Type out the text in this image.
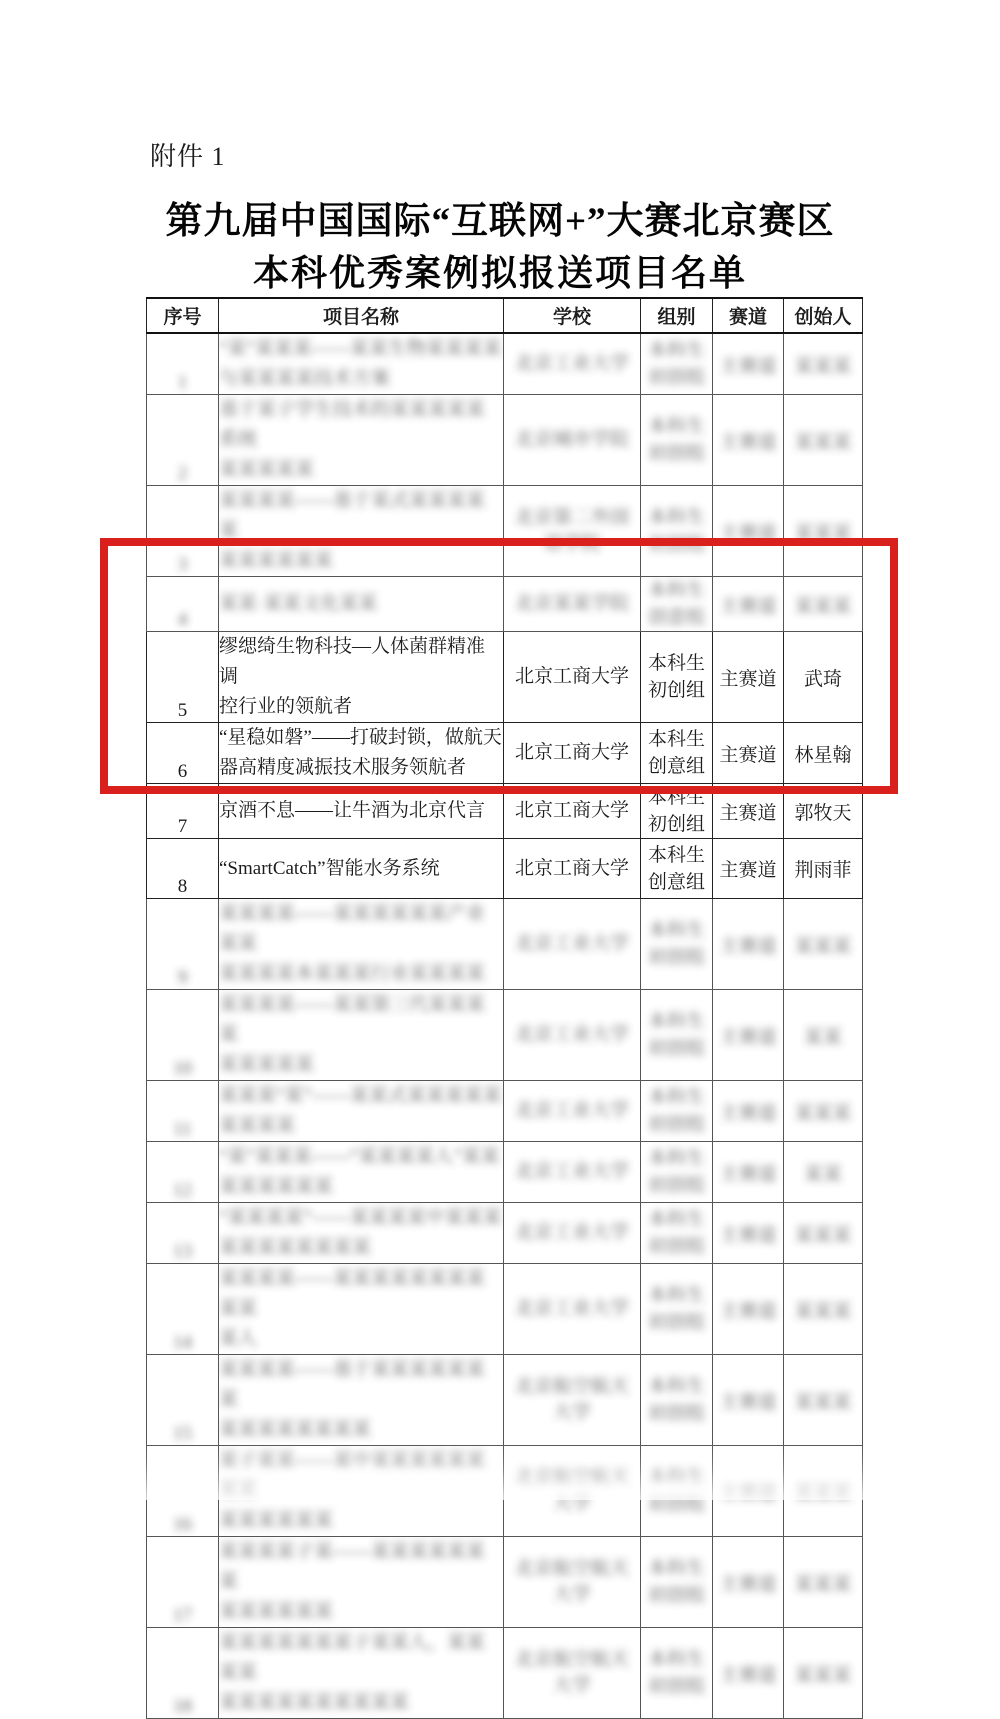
附件 1
第九届中国国际“互联网+”大赛北京赛区
本科优秀案例拟报送项目名单
序号	项目名称	学校	组别	赛道	创始人
1	“某”某某某——某某生物某某某某
与某某某某技术方案	北京工业大学	本科生
初创组	主赛道	某某某
2	基于某子学生技术的某某某某某系统
某某某某某	北京城市学院	本科生
初创组	主赛道	某某某
3	某某某某——基于某式某某某某某
某某某某某某	北京第二外国
语学院	本科生
初创组	主赛道	某某某
4	某某·某某文化某某	北京某某学院	本科生
创意组	主赛道	某某某
5	缪缌绮生物科技—人体菌群精准调
控行业的领航者	北京工商大学	本科生
初创组	主赛道	武琦
6	“星稳如磐”——打破封锁，做航天
器高精度减振技术服务领航者	北京工商大学	本科生
创意组	主赛道	林星翰
7	京酒不息——让牛酒为北京代言	北京工商大学	本科生
初创组	主赛道	郭牧天
8	“SmartCatch”智能水务系统	北京工商大学	本科生
创意组	主赛道	荆雨菲
9	某某某某——某某某某某某产业某某
某某某某本某某某行业某某某某	北京工业大学	本科生
初创组	主赛道	某某某
10	某某某某——某某第三代某某某某
某某某某某	北京工业大学	本科生
初创组	主赛道	某某
11	某某某“某”——某某式某某某某某
某某某某	北京工业大学	本科生
初创组	主赛道	某某某
12	“某”某某某——“某某某某人”某某
某某某某某某	北京工业大学	本科生
初创组	主赛道	某某
13	“某某某某”——某某某某中某某某
某某某某某某某某	北京工业大学	本科生
初创组	主赛道	某某某
14	某某某某——某某某某某某某某某某
某人	北京工业大学	本科生
初创组	主赛道	某某某
15	某某某某——基于某某某某某某某
某某某某某某某某	北京航空航天
大学	本科生
初创组	主赛道	某某某
16	某子某某——某中某某某某某某某某
某某某某某某	北京航空航天
大学	本科生
初创组	主赛道	某某某
17	某某某某子某——某某某某某某某
某某某某某某	北京航空航天
大学	本科生
初创组	主赛道	某某某
18	某某某某某某某子某某人，某某某某
某某某某某某某某某某	北京航空航天
大学	本科生
初创组	主赛道	某某某
